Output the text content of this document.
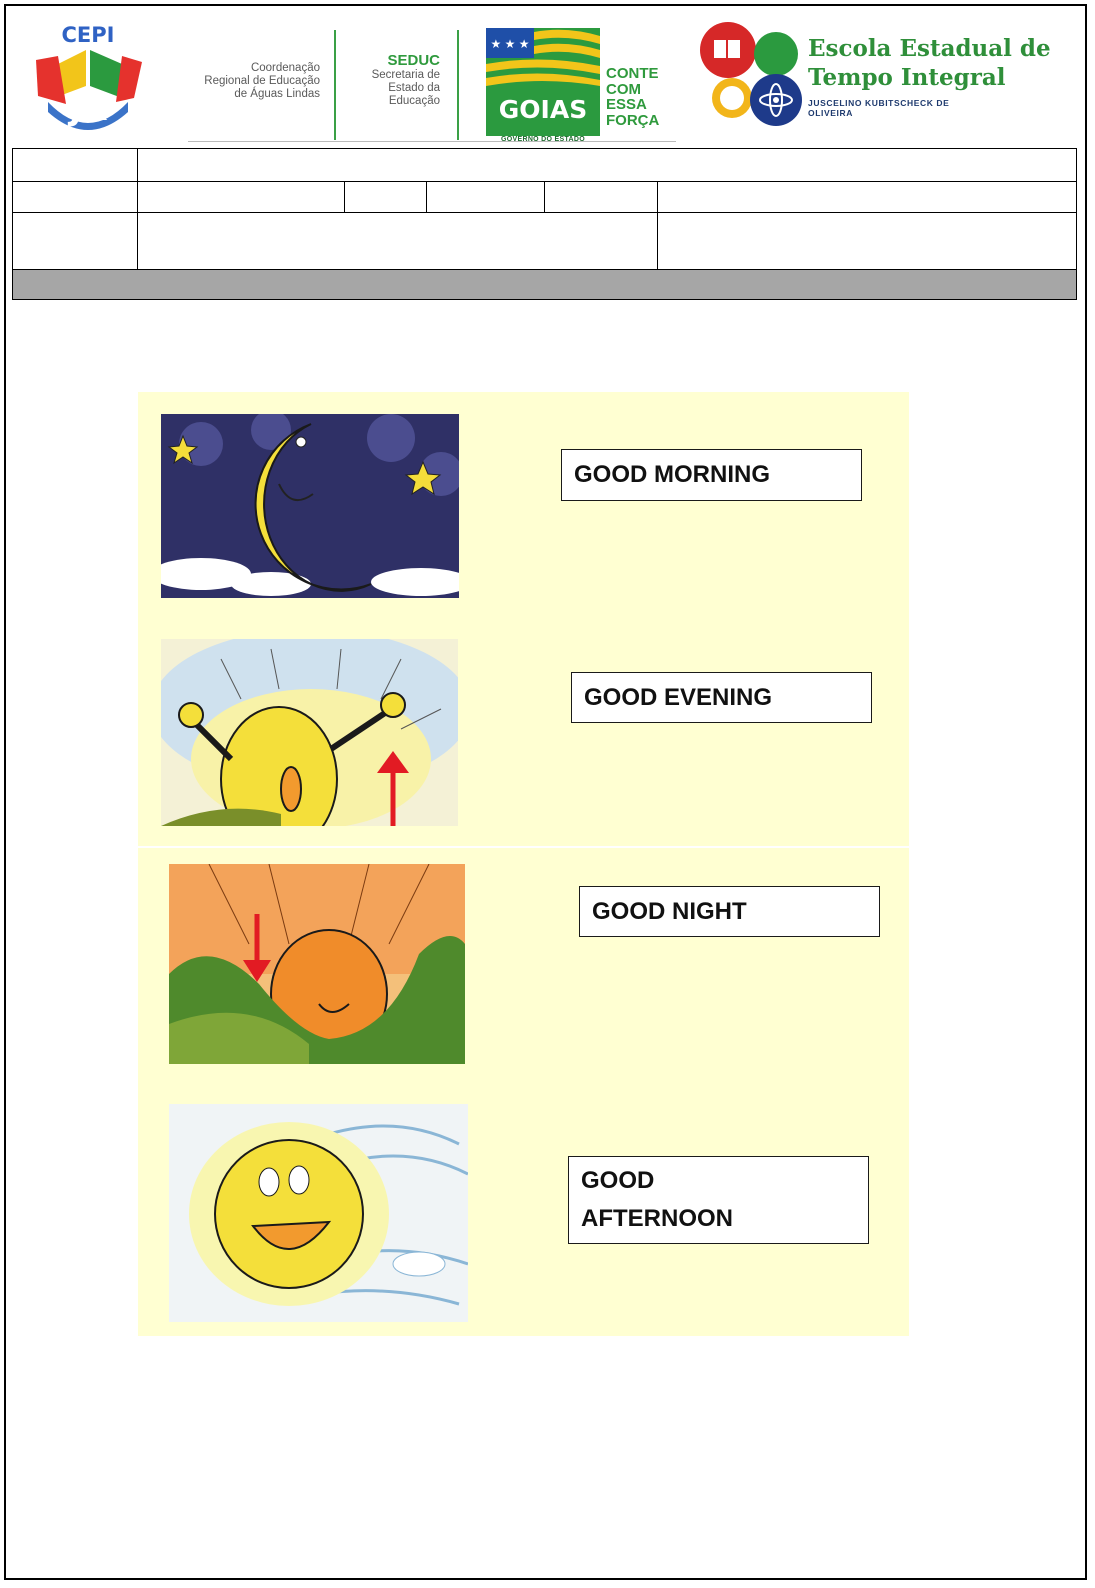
JK
CEPI
Coordenação
Regional de Educação
de Águas Lindas
SEDUC
Secretaria de
Estado da
Educação
★ ★ ★
GOIAS
GOVERNO DO ESTADO
CONTE
COM
ESSA
FORÇA
Escola Estadual de
Tempo Integral
JUSCELINO KUBITSCHECK DE
OLIVEIRA

GOOD MORNING
GOOD EVENING
GOOD NIGHT
GOOD
AFTERNOON
